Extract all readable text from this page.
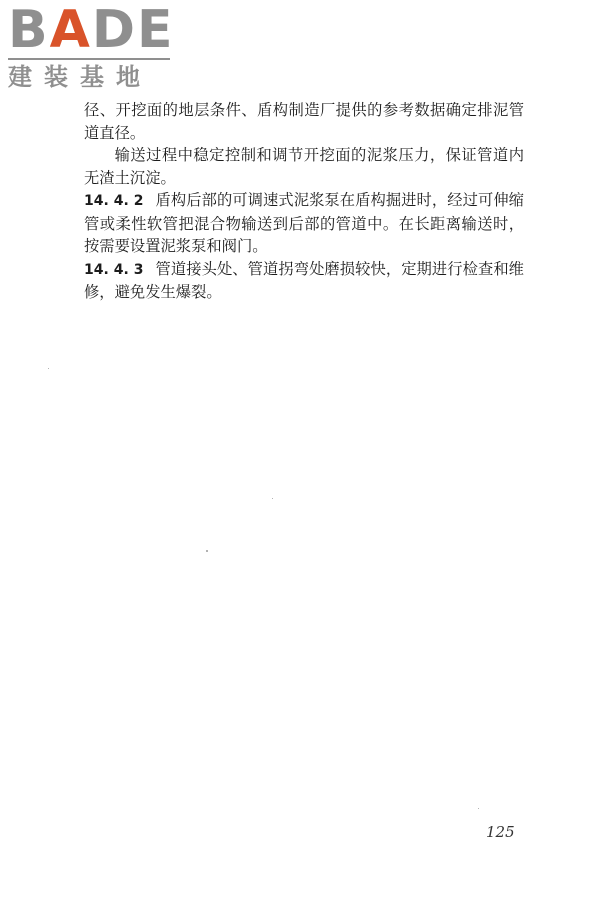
BADE
建装基地

径、开挖面的地层条件、盾构制造厂提供的参考数据确定排泥管道直径。

输送过程中稳定控制和调节开挖面的泥浆压力，保证管道内无渣土沉淀。

14. 4. 2 盾构后部的可调速式泥浆泵在盾构掘进时，经过可伸缩管或柔性软管把混合物输送到后部的管道中。在长距离输送时，按需要设置泥浆泵和阀门。

14. 4. 3 管道接头处、管道拐弯处磨损较快，定期进行检查和维修，避免发生爆裂。

125
